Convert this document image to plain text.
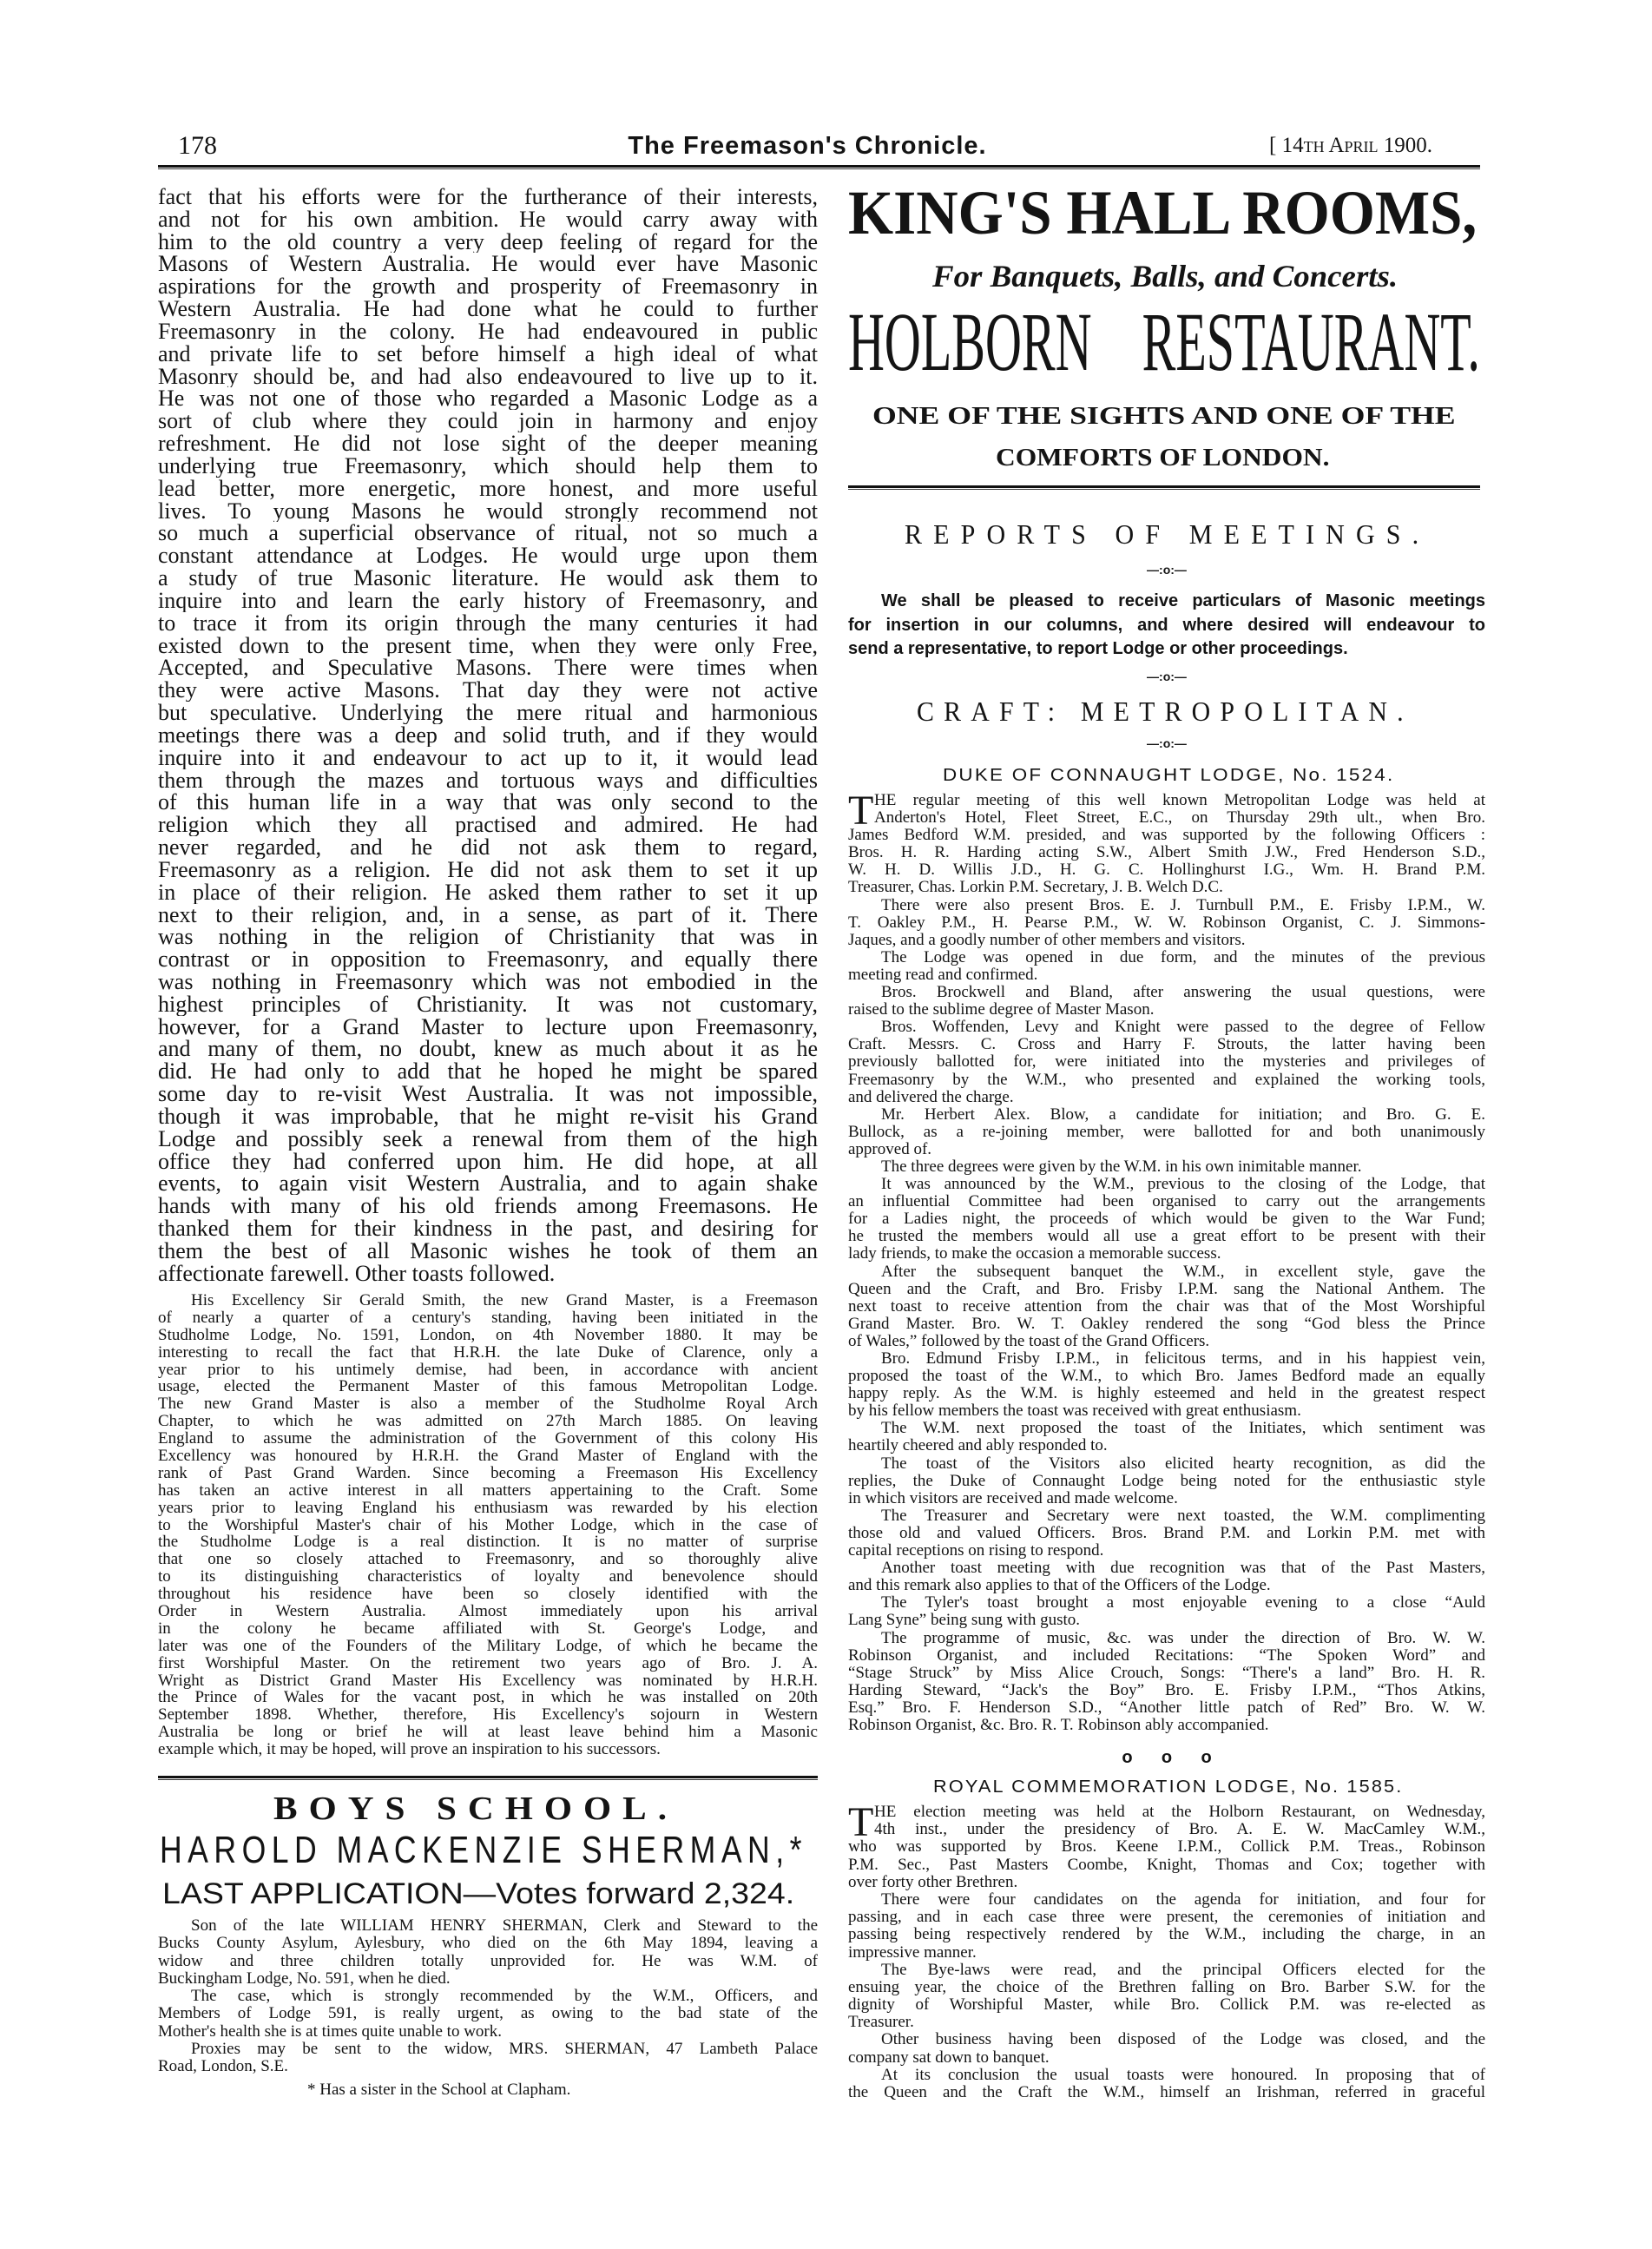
178	The Freemason's Chronicle.	[ 14th April 1900.
fact that his efforts were for the furtherance of their interests,
and not for his own ambition. He would carry away with
him to the old country a very deep feeling of regard for the
Masons of Western Australia. He would ever have Masonic
aspirations for the growth and prosperity of Freemasonry in
Western Australia. He had done what he could to further
Freemasonry in the colony. He had endeavoured in public
and private life to set before himself a high ideal of what
Masonry should be, and had also endeavoured to live up to it.
He was not one of those who regarded a Masonic Lodge as a
sort of club where they could join in harmony and enjoy
refreshment. He did not lose sight of the deeper meaning
underlying true Freemasonry, which should help them to
lead better, more energetic, more honest, and more useful
lives. To young Masons he would strongly recommend not
so much a superficial observance of ritual, not so much a
constant attendance at Lodges. He would urge upon them
a study of true Masonic literature. He would ask them to
inquire into and learn the early history of Freemasonry, and
to trace it from its origin through the many centuries it had
existed down to the present time, when they were only Free,
Accepted, and Speculative Masons. There were times when
they were active Masons. That day they were not active
but speculative. Underlying the mere ritual and harmonious
meetings there was a deep and solid truth, and if they would
inquire into it and endeavour to act up to it, it would lead
them through the mazes and tortuous ways and difficulties
of this human life in a way that was only second to the
religion which they all practised and admired. He had
never regarded, and he did not ask them to regard,
Freemasonry as a religion. He did not ask them to set it up
in place of their religion. He asked them rather to set it up
next to their religion, and, in a sense, as part of it. There
was nothing in the religion of Christianity that was in
contrast or in opposition to Freemasonry, and equally there
was nothing in Freemasonry which was not embodied in the
highest principles of Christianity. It was not customary,
however, for a Grand Master to lecture upon Freemasonry,
and many of them, no doubt, knew as much about it as he
did. He had only to add that he hoped he might be spared
some day to re-visit West Australia. It was not impossible,
though it was improbable, that he might re-visit his Grand
Lodge and possibly seek a renewal from them of the high
office they had conferred upon him. He did hope, at all
events, to again visit Western Australia, and to again shake
hands with many of his old friends among Freemasons. He
thanked them for their kindness in the past, and desiring for
them the best of all Masonic wishes he took of them an
affectionate farewell. Other toasts followed.
His Excellency Sir Gerald Smith, the new Grand Master, is a Freemason
of nearly a quarter of a century's standing, having been initiated in the
Studholme Lodge, No. 1591, London, on 4th November 1880. It may be
interesting to recall the fact that H.R.H. the late Duke of Clarence, only a
year prior to his untimely demise, had been, in accordance with ancient
usage, elected the Permanent Master of this famous Metropolitan Lodge.
The new Grand Master is also a member of the Studholme Royal Arch
Chapter, to which he was admitted on 27th March 1885. On leaving
England to assume the administration of the Government of this colony His
Excellency was honoured by H.R.H. the Grand Master of England with the
rank of Past Grand Warden. Since becoming a Freemason His Excellency
has taken an active interest in all matters appertaining to the Craft. Some
years prior to leaving England his enthusiasm was rewarded by his election
to the Worshipful Master's chair of his Mother Lodge, which in the case of
the Studholme Lodge is a real distinction. It is no matter of surprise
that one so closely attached to Freemasonry, and so thoroughly alive
to its distinguishing characteristics of loyalty and benevolence should
throughout his residence have been so closely identified with the
Order in Western Australia. Almost immediately upon his arrival
in the colony he became affiliated with St. George's Lodge, and
later was one of the Founders of the Military Lodge, of which he became the
first Worshipful Master. On the retirement two years ago of Bro. J. A.
Wright as District Grand Master His Excellency was nominated by H.R.H.
the Prince of Wales for the vacant post, in which he was installed on 20th
September 1898. Whether, therefore, His Excellency's sojourn in Western
Australia be long or brief he will at least leave behind him a Masonic
example which, it may be hoped, will prove an inspiration to his successors.
BOYS SCHOOL.
HAROLD MACKENZIE SHERMAN,*
LAST APPLICATION—Votes forward 2,324.
Son of the late WILLIAM HENRY SHERMAN, Clerk and Steward to the
Bucks County Asylum, Aylesbury, who died on the 6th May 1894, leaving a
widow and three children totally unprovided for. He was W.M. of
Buckingham Lodge, No. 591, when he died.
The case, which is strongly recommended by the W.M., Officers, and
Members of Lodge 591, is really urgent, as owing to the bad state of the
Mother's health she is at times quite unable to work.
Proxies may be sent to the widow, MRS. SHERMAN, 47 Lambeth Palace
Road, London, S.E.
* Has a sister in the School at Clapham.
KING'S HALL ROOMS,
For Banquets, Balls, and Concerts.
HOLBORN    RESTAURANT.
ONE OF THE SIGHTS AND ONE OF THE
COMFORTS OF LONDON.
REPORTS OF MEETINGS.
—:o:—
We shall be pleased to receive particulars of Masonic meetings
for insertion in our columns, and where desired will endeavour to
send a representative, to report Lodge or other proceedings.
—:o:—
CRAFT: METROPOLITAN.
—:o:—
DUKE OF CONNAUGHT LODGE, No. 1524.
T HE regular meeting of this well known Metropolitan Lodge was held at
Anderton's Hotel, Fleet Street, E.C., on Thursday 29th ult., when Bro.
James Bedford W.M. presided, and was supported by the following Officers :
Bros. H. R. Harding acting S.W., Albert Smith J.W., Fred Henderson S.D.,
W. H. D. Willis J.D., H. G. C. Hollinghurst I.G., Wm. H. Brand P.M.
Treasurer, Chas. Lorkin P.M. Secretary, J. B. Welch D.C.
There were also present Bros. E. J. Turnbull P.M., E. Frisby I.P.M., W.
T. Oakley P.M., H. Pearse P.M., W. W. Robinson Organist, C. J. Simmons-
Jaques, and a goodly number of other members and visitors.
The Lodge was opened in due form, and the minutes of the previous
meeting read and confirmed.
Bros. Brockwell and Bland, after answering the usual questions, were
raised to the sublime degree of Master Mason.
Bros. Woffenden, Levy and Knight were passed to the degree of Fellow
Craft. Messrs. C. Cross and Harry F. Strouts, the latter having been
previously ballotted for, were initiated into the mysteries and privileges of
Freemasonry by the W.M., who presented and explained the working tools,
and delivered the charge.
Mr. Herbert Alex. Blow, a candidate for initiation; and Bro. G. E.
Bullock, as a re-joining member, were ballotted for and both unanimously
approved of.
The three degrees were given by the W.M. in his own inimitable manner.
It was announced by the W.M., previous to the closing of the Lodge, that
an influential Committee had been organised to carry out the arrangements
for a Ladies night, the proceeds of which would be given to the War Fund;
he trusted the members would all use a great effort to be present with their
lady friends, to make the occasion a memorable success.
After the subsequent banquet the W.M., in excellent style, gave the
Queen and the Craft, and Bro. Frisby I.P.M. sang the National Anthem. The
next toast to receive attention from the chair was that of the Most Worshipful
Grand Master. Bro. W. T. Oakley rendered the song “God bless the Prince
of Wales,” followed by the toast of the Grand Officers.
Bro. Edmund Frisby I.P.M., in felicitous terms, and in his happiest vein,
proposed the toast of the W.M., to which Bro. James Bedford made an equally
happy reply. As the W.M. is highly esteemed and held in the greatest respect
by his fellow members the toast was received with great enthusiasm.
The W.M. next proposed the toast of the Initiates, which sentiment was
heartily cheered and ably responded to.
The toast of the Visitors also elicited hearty recognition, as did the
replies, the Duke of Connaught Lodge being noted for the enthusiastic style
in which visitors are received and made welcome.
The Treasurer and Secretary were next toasted, the W.M. complimenting
those old and valued Officers. Bros. Brand P.M. and Lorkin P.M. met with
capital receptions on rising to respond.
Another toast meeting with due recognition was that of the Past Masters,
and this remark also applies to that of the Officers of the Lodge.
The Tyler's toast brought a most enjoyable evening to a close “Auld
Lang Syne” being sung with gusto.
The programme of music, &c. was under the direction of Bro. W. W.
Robinson Organist, and included Recitations: “The Spoken Word” and
“Stage Struck” by Miss Alice Crouch, Songs: “There's a land” Bro. H. R.
Harding Steward, “Jack's the Boy” Bro. E. Frisby I.P.M., “Thos Atkins,
Esq.” Bro. F. Henderson S.D., “Another little patch of Red” Bro. W. W.
Robinson Organist, &c. Bro. R. T. Robinson ably accompanied.
o      o      o
ROYAL COMMEMORATION LODGE, No. 1585.
T HE election meeting was held at the Holborn Restaurant, on Wednesday,
4th inst., under the presidency of Bro. A. E. W. MacCamley W.M.,
who was supported by Bros. Keene I.P.M., Collick P.M. Treas., Robinson
P.M. Sec., Past Masters Coombe, Knight, Thomas and Cox; together with
over forty other Brethren.
There were four candidates on the agenda for initiation, and four for
passing, and in each case three were present, the ceremonies of initiation and
passing being respectively rendered by the W.M., including the charge, in an
impressive manner.
The Bye-laws were read, and the principal Officers elected for the
ensuing year, the choice of the Brethren falling on Bro. Barber S.W. for the
dignity of Worshipful Master, while Bro. Collick P.M. was re-elected as
Treasurer.
Other business having been disposed of the Lodge was closed, and the
company sat down to banquet.
At its conclusion the usual toasts were honoured. In proposing that of
the Queen and the Craft the W.M., himself an Irishman, referred in graceful
